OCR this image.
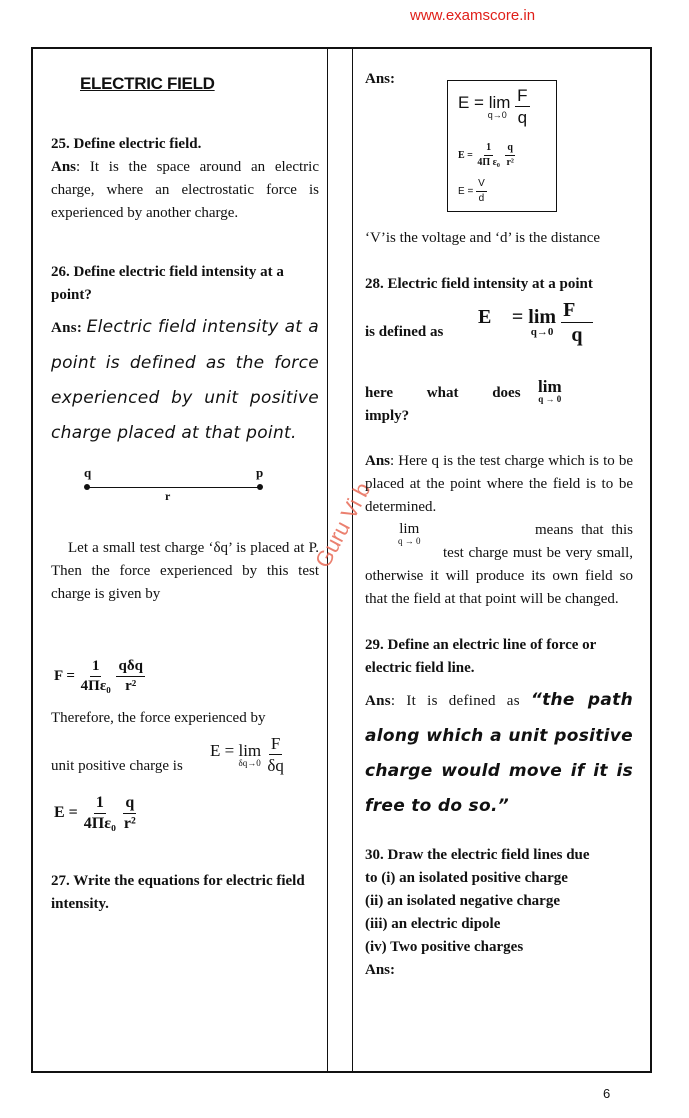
www.examscore.in
Guru Vi b
ELECTRIC FIELD
25. Define electric field.
Ans: It is the space around an electric charge, where an electrostatic force is experienced by another charge.
26. Define electric field intensity at a point?
Ans: Electric field intensity at a point is defined as the force experienced by unit positive charge placed at that point.
q	p
r
Let a small test charge ‘δq’ is placed at P. Then the force experienced by this test charge is given by
$F = \frac{1}{\text{4Πε₀}}$
$\frac{\text{qδq}}{\text{r²}}$
Therefore, the force experienced by
unit positive charge is
E = lim
δq→0
$\frac{F}{\delta q}$
$E = \frac{1}{\text{4Πε₀}}$
$\frac{q}{\text{r²}}$
27. Write the equations for electric field intensity.
Ans:
E = lim
q→0
$\frac{F}{q}$
$E = \frac{1}{\text{4Π ε₀}}$
$\frac{q}{\text{r²}}$
$E = \frac{V}{d}$
‘V’is the voltage and ‘d’ is the distance
28. Electric field intensity at a point
is defined as
E⃗ = lim
q→0
$\frac{F⃗}{q}$
here what does	lim
q → 0
imply?
Ans: Here q is the test charge which is to be placed at the point where the field is to be determined.
lim
q → 0
means that this
test charge must be very small, otherwise it will produce its own field so that the field at that point will be changed.
29. Define an electric line of force or electric field line.
Ans: It is defined as “the path along which a unit positive charge would move if it is free to do so.”
30. Draw the electric field lines due
to (i) an isolated positive charge
(ii) an isolated negative charge
(iii) an electric dipole
(iv) Two positive charges
Ans:
6
